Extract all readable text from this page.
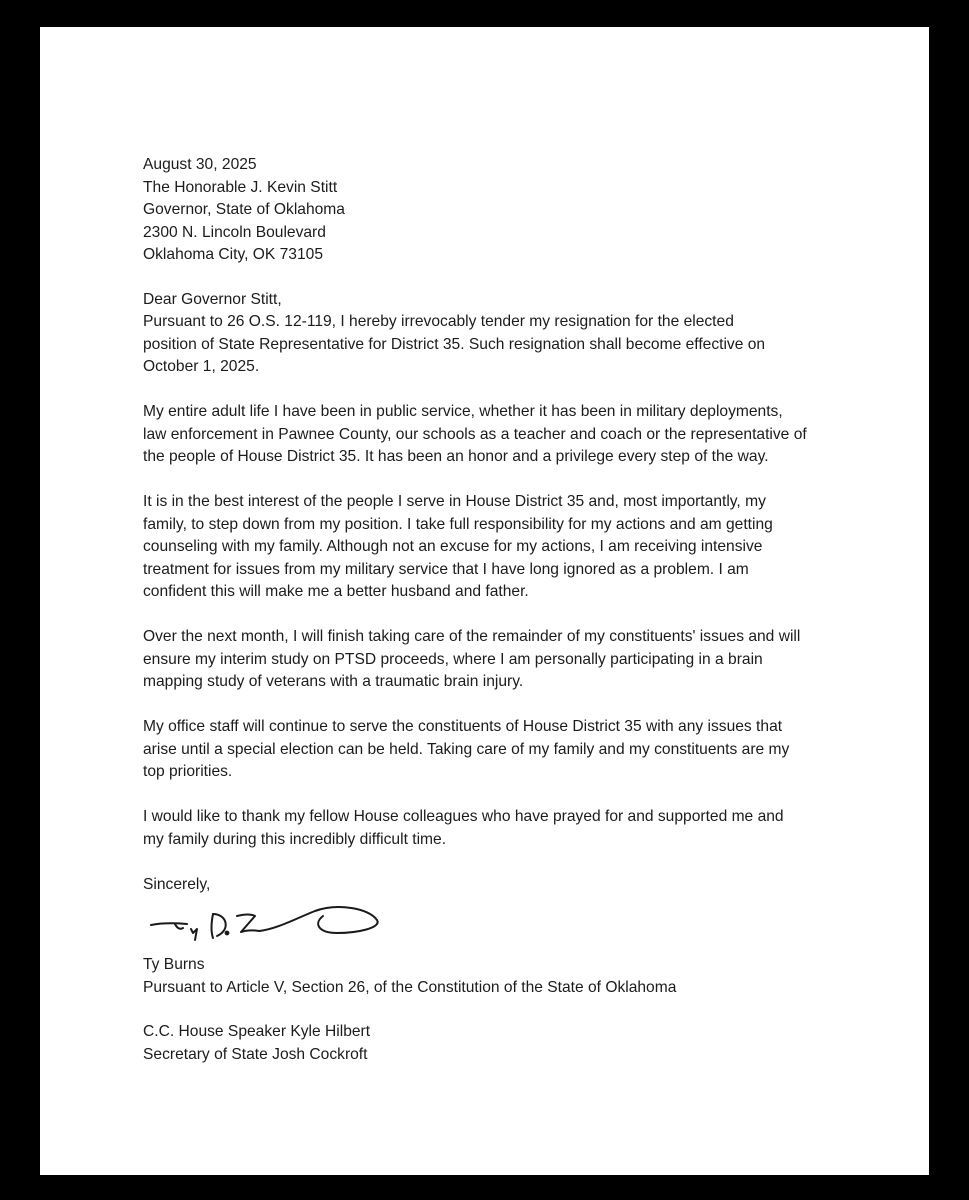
August 30, 2025

The Honorable J. Kevin Stitt
Governor, State of Oklahoma
2300 N. Lincoln Boulevard
Oklahoma City, OK 73105

Dear Governor Stitt,

Pursuant to 26 O.S. 12-119, I hereby irrevocably tender my resignation for the elected
position of State Representative for District 35. Such resignation shall become effective on
October 1, 2025.
My entire adult life I have been in public service, whether it has been in military deployments,
law enforcement in Pawnee County, our schools as a teacher and coach or the representative of
the people of House District 35. It has been an honor and a privilege every step of the way.
It is in the best interest of the people I serve in House District 35 and, most importantly, my
family, to step down from my position. I take full responsibility for my actions and am getting
counseling with my family. Although not an excuse for my actions, I am receiving intensive
treatment for issues from my military service that I have long ignored as a problem. I am
confident this will make me a better husband and father.
Over the next month, I will finish taking care of the remainder of my constituents' issues and will
ensure my interim study on PTSD proceeds, where I am personally participating in a brain
mapping study of veterans with a traumatic brain injury.
My office staff will continue to serve the constituents of House District 35 with any issues that
arise until a special election can be held. Taking care of my family and my constituents are my
top priorities.
I would like to thank my fellow House colleagues who have prayed for and supported me and
my family during this incredibly difficult time.

Sincerely,

Ty Burns

Pursuant to Article V, Section 26, of the Constitution of the State of Oklahoma

C.C. House Speaker Kyle Hilbert
Secretary of State Josh Cockroft
